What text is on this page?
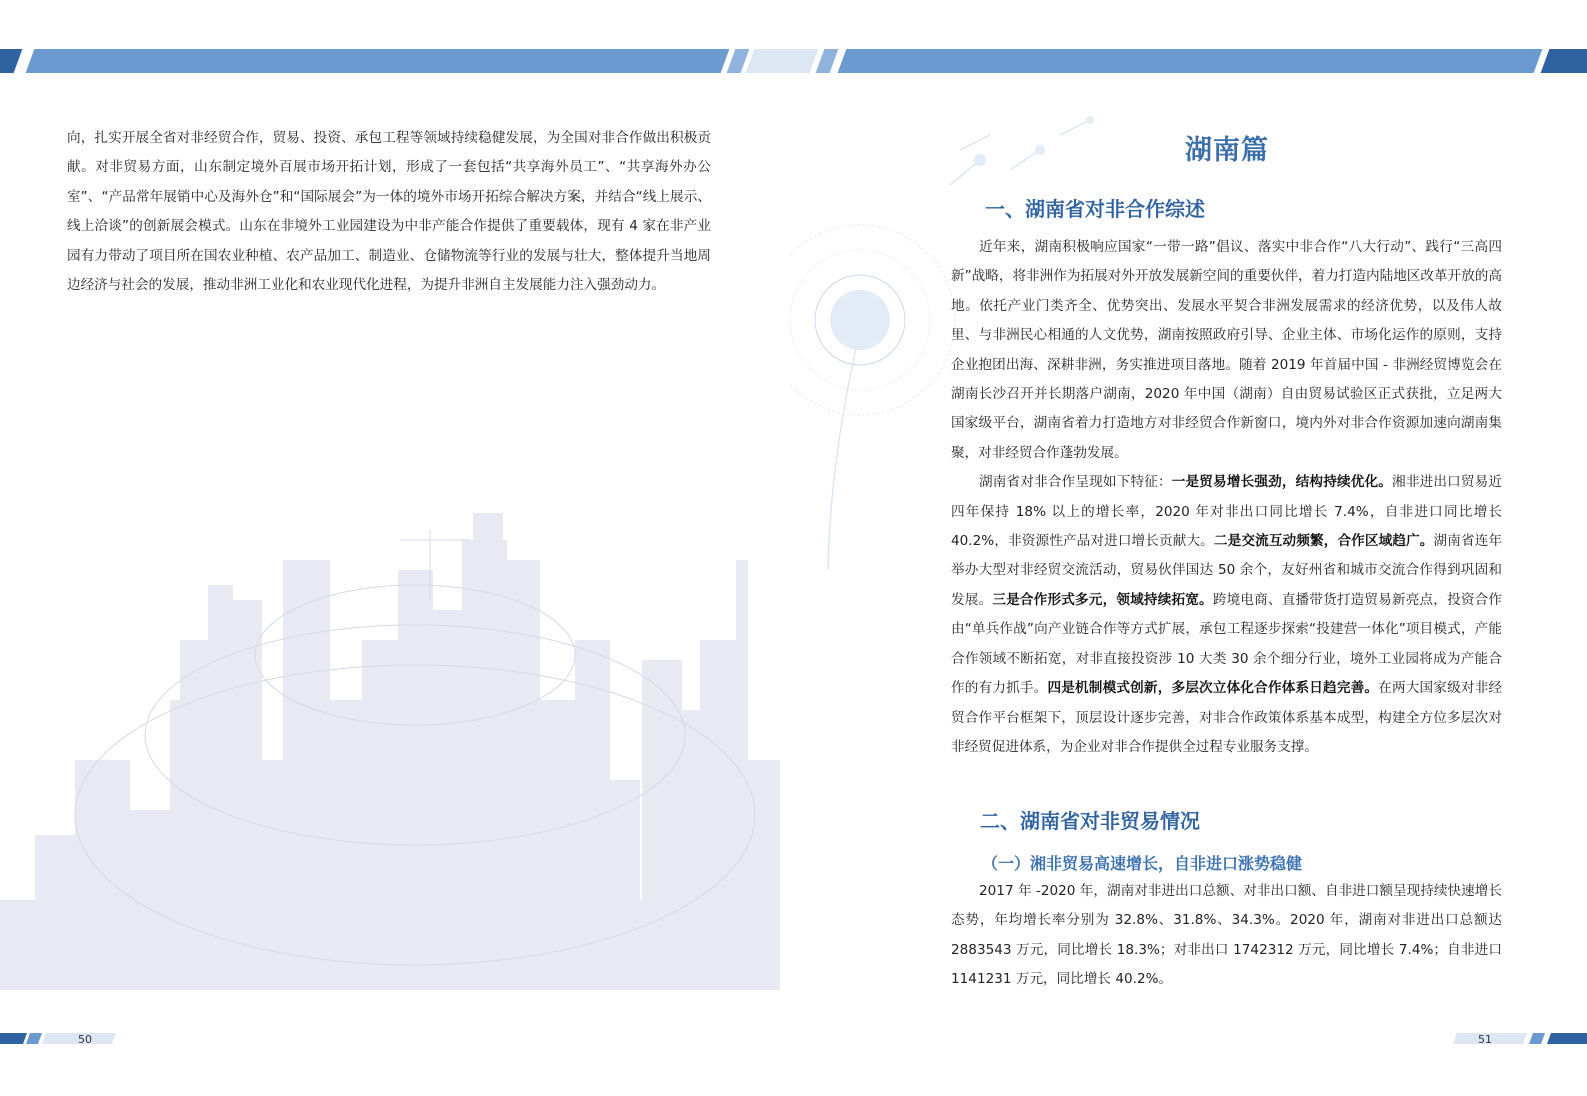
向，扎实开展全省对非经贸合作，贸易、投资、承包工程等领域持续稳健发展，为全国对非合作做出积极贡献。对非贸易方面，山东制定境外百展市场开拓计划，形成了一套包括“共享海外员工”、“共享海外办公室”、“产品常年展销中心及海外仓”和“国际展会”为一体的境外市场开拓综合解决方案，并结合“线上展示、线上洽谈”的创新展会模式。山东在非境外工业园建设为中非产能合作提供了重要载体，现有 4 家在非产业园有力带动了项目所在国农业种植、农产品加工、制造业、仓储物流等行业的发展与壮大，整体提升当地周边经济与社会的发展，推动非洲工业化和农业现代化进程，为提升非洲自主发展能力注入强劲动力。

50
湖南篇
一、湖南省对非合作综述

近年来，湖南积极响应国家“一带一路”倡议、落实中非合作“八大行动”、践行“三高四新”战略，将非洲作为拓展对外开放发展新空间的重要伙伴，着力打造内陆地区改革开放的高地。依托产业门类齐全、优势突出、发展水平契合非洲发展需求的经济优势，以及伟人故里、与非洲民心相通的人文优势，湖南按照政府引导、企业主体、市场化运作的原则，支持企业抱团出海、深耕非洲，务实推进项目落地。随着 2019 年首届中国 - 非洲经贸博览会在湖南长沙召开并长期落户湖南，2020 年中国（湖南）自由贸易试验区正式获批，立足两大国家级平台，湖南省着力打造地方对非经贸合作新窗口，境内外对非合作资源加速向湖南集聚，对非经贸合作蓬勃发展。

湖南省对非合作呈现如下特征：一是贸易增长强劲，结构持续优化。湘非进出口贸易近四年保持 18% 以上的增长率，2020 年对非出口同比增长 7.4%，自非进口同比增长 40.2%，非资源性产品对进口增长贡献大。二是交流互动频繁，合作区域趋广。湖南省连年举办大型对非经贸交流活动，贸易伙伴国达 50 余个，友好州省和城市交流合作得到巩固和发展。三是合作形式多元，领域持续拓宽。跨境电商、直播带货打造贸易新亮点，投资合作由“单兵作战”向产业链合作等方式扩展，承包工程逐步探索“投建营一体化”项目模式，产能合作领域不断拓宽，对非直接投资涉 10 大类 30 余个细分行业，境外工业园将成为产能合作的有力抓手。四是机制模式创新，多层次立体化合作体系日趋完善。在两大国家级对非经贸合作平台框架下，顶层设计逐步完善，对非合作政策体系基本成型，构建全方位多层次对非经贸促进体系，为企业对非合作提供全过程专业服务支撑。

二、湖南省对非贸易情况
（一）湘非贸易高速增长，自非进口涨势稳健

2017 年 -2020 年，湖南对非进出口总额、对非出口额、自非进口额呈现持续快速增长态势，年均增长率分别为 32.8%、31.8%、34.3%。2020 年，湖南对非进出口总额达 2883543 万元，同比增长 18.3%；对非出口 1742312 万元，同比增长 7.4%；自非进口 1141231 万元，同比增长 40.2%。

51
